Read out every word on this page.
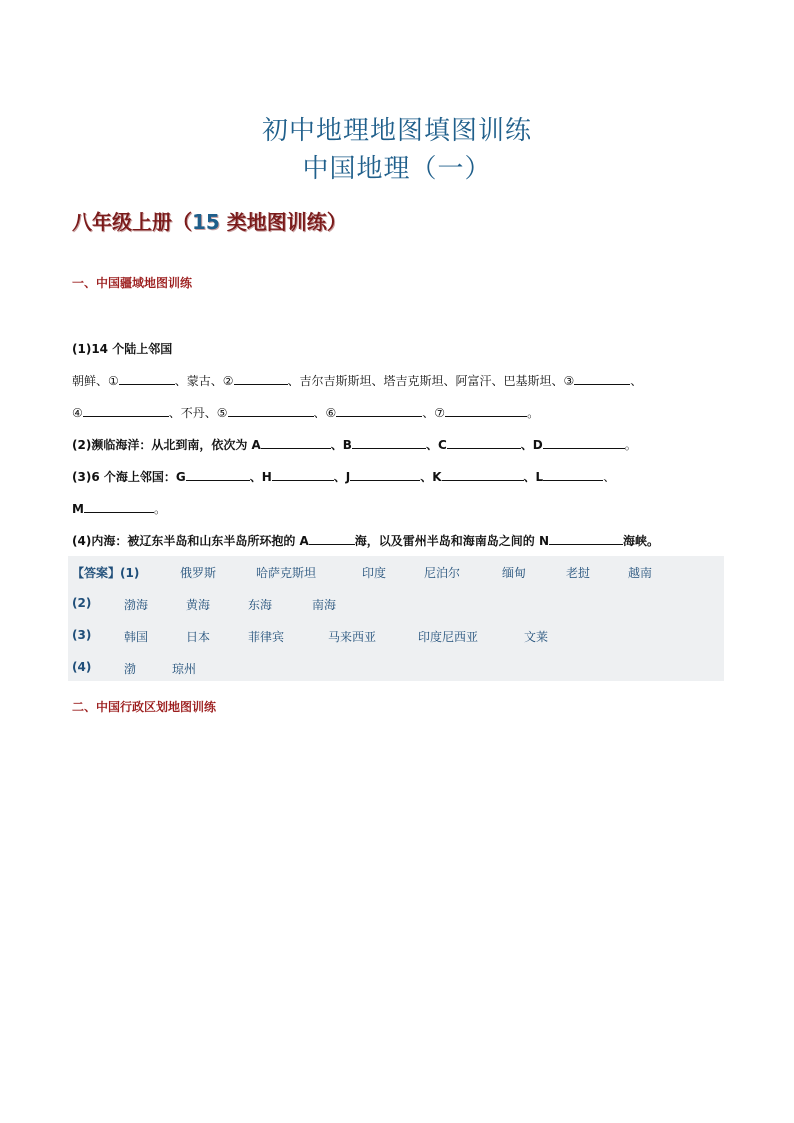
初中地理地图填图训练
中国地理（一）
八年级上册（15 类地图训练）
一、中国疆域地图训练
(1)14 个陆上邻国
朝鲜、①	、蒙古、②	、吉尔吉斯斯坦、塔吉克斯坦、阿富汗、巴基斯坦、③	、
④	、不丹、⑤	、⑥	、⑦	。
(2)濒临海洋：从北到南，依次为 A	、B	、C	、D	。
(3)6 个海上邻国：G	、H	、J	、K	、L	、
M	。
(4)内海：被辽东半岛和山东半岛所环抱的 A	海，以及雷州半岛和海南岛之间的 N	海峡。
【答案】(1)	俄罗斯	哈萨克斯坦	印度	尼泊尔	缅甸	老挝	越南
(2)	渤海	黄海	东海	南海
(3)	韩国	日本	菲律宾	马来西亚	印度尼西亚	文莱
(4)	渤	琼州
二、中国行政区划地图训练
